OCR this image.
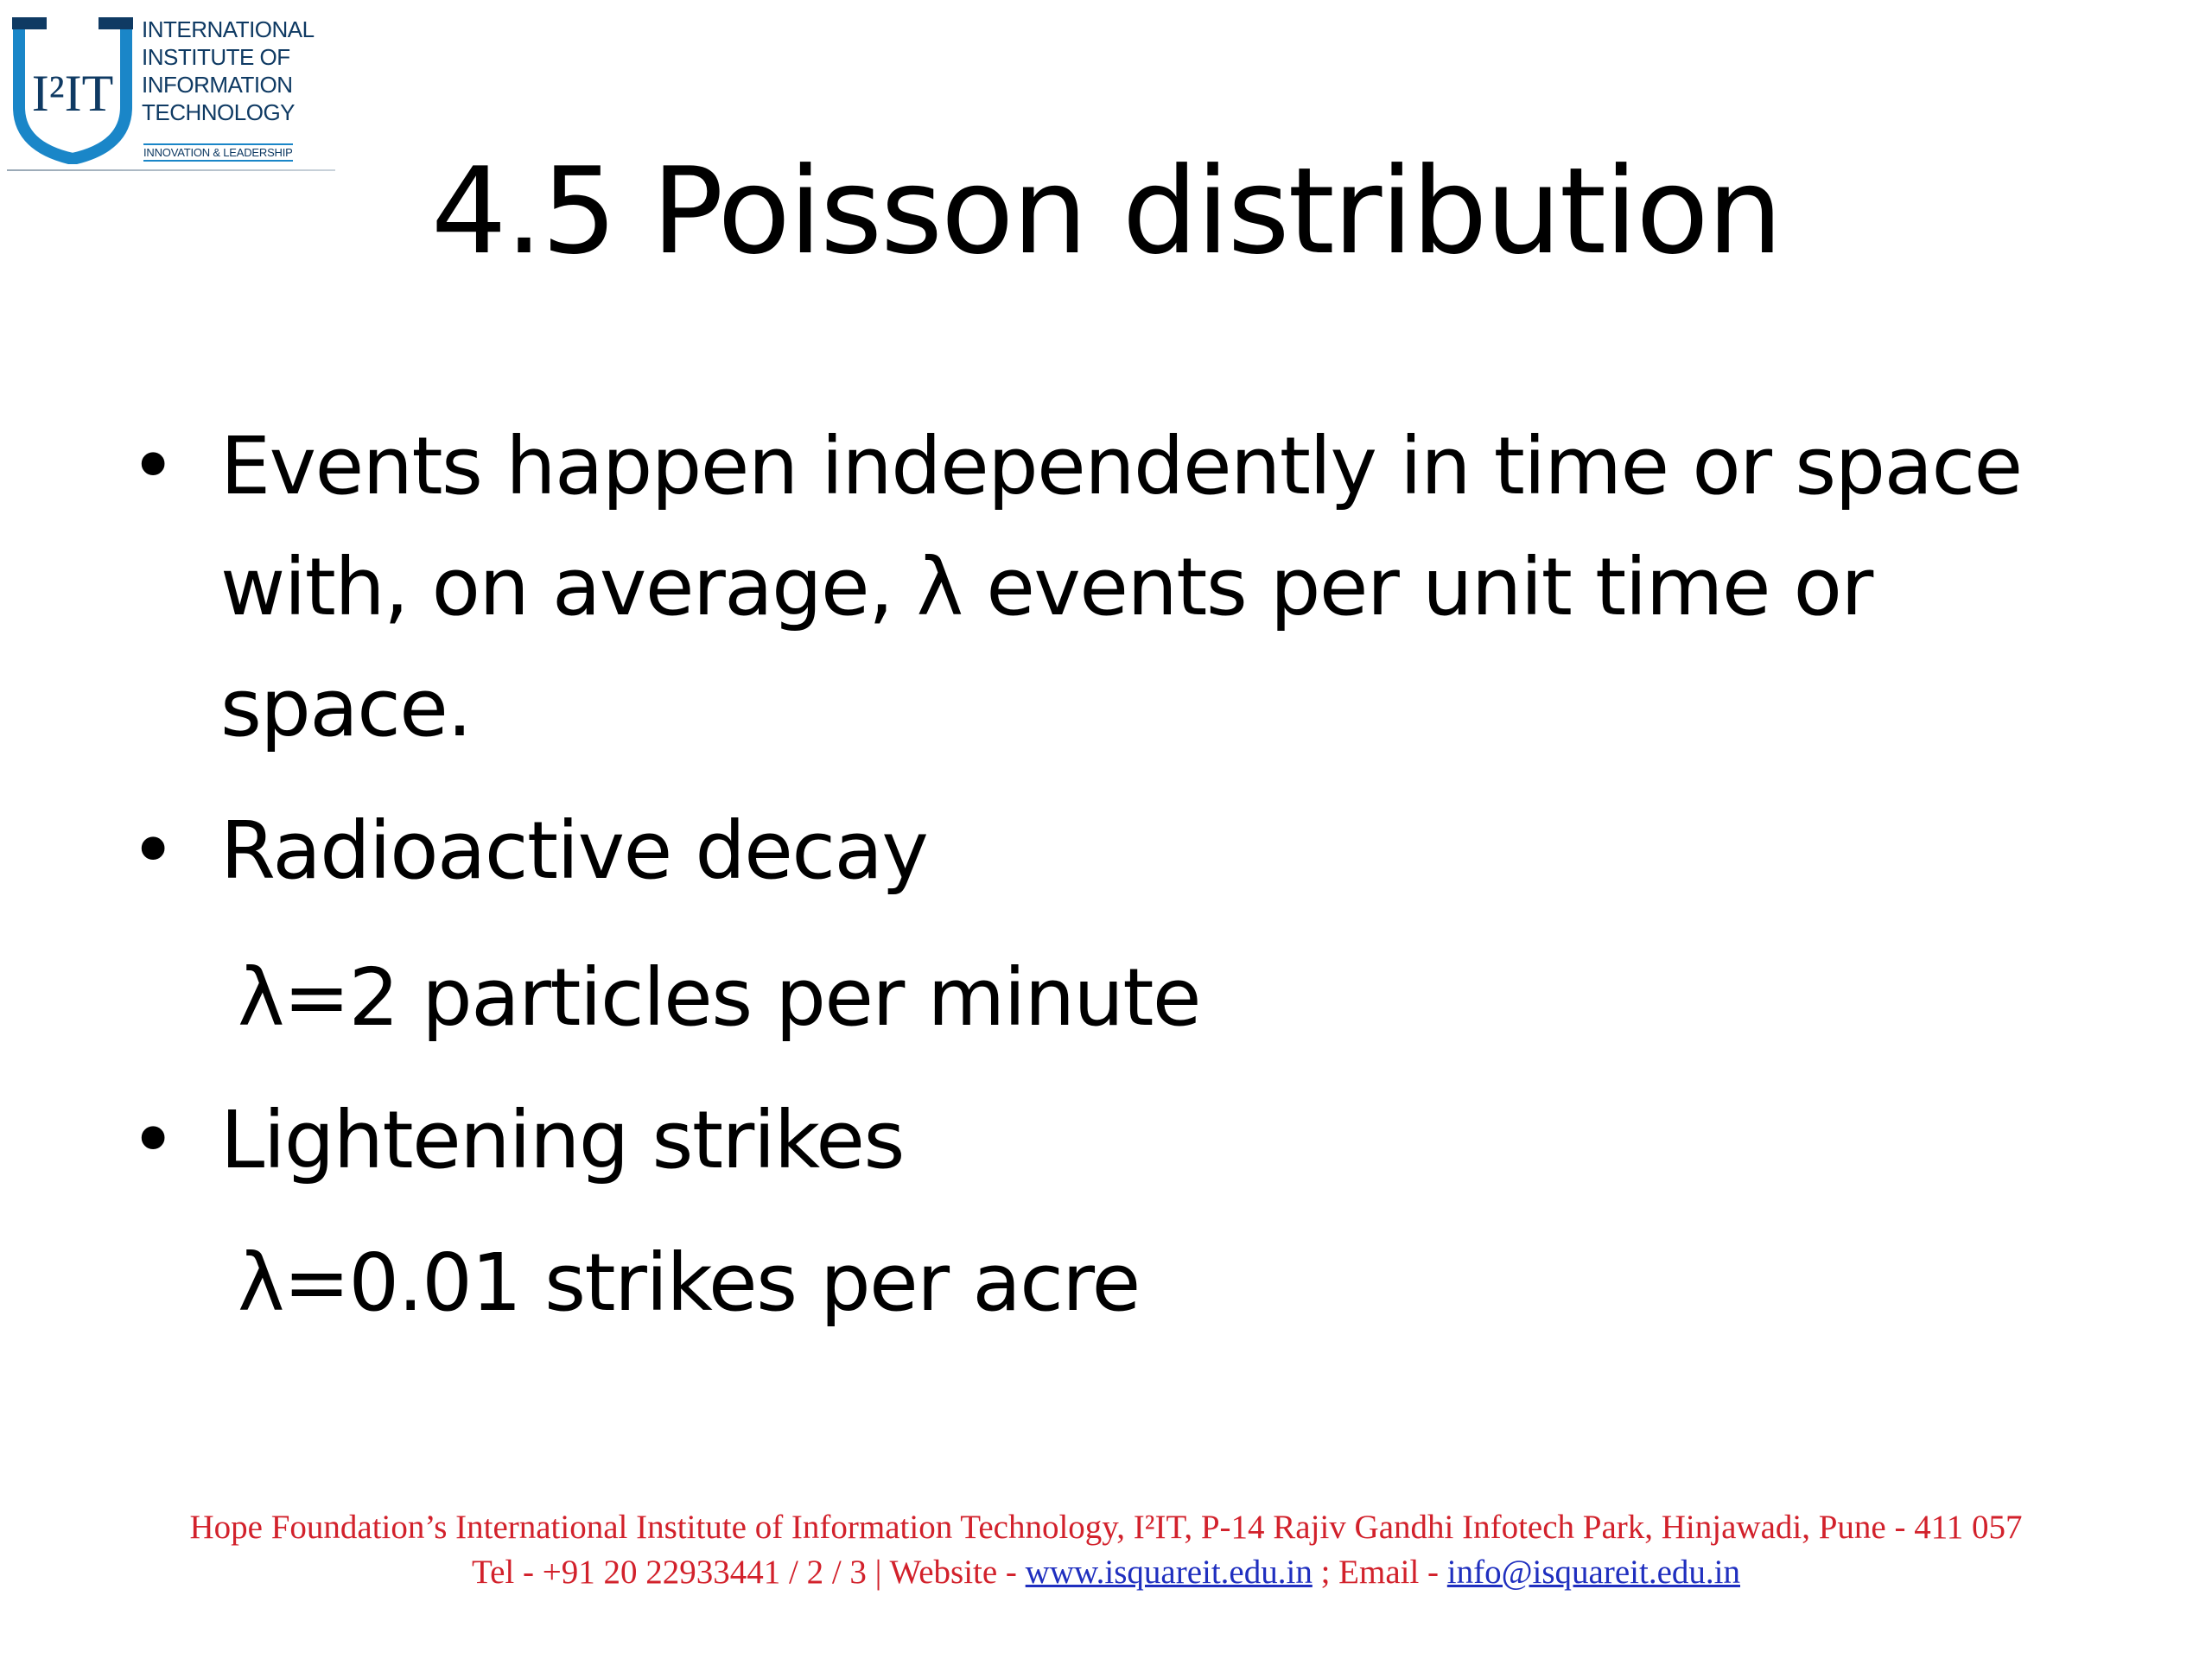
I²IT
INTERNATIONAL
INSTITUTE OF
INFORMATION
TECHNOLOGY
INNOVATION & LEADERSHIP	4.5 Poisson distribution
• Events happen independently in time or space
with, on average, λ events per unit time or
space.
• Radioactive decay
λ=2 particles per minute
• Lightening strikes
λ=0.01 strikes per acre
Hope Foundation’s International Institute of Information Technology, I²IT, P-14 Rajiv Gandhi Infotech Park, Hinjawadi, Pune - 411 057
Tel - +91 20 22933441 / 2 / 3 | Website - www.isquareit.edu.in ; Email - info@isquareit.edu.in
